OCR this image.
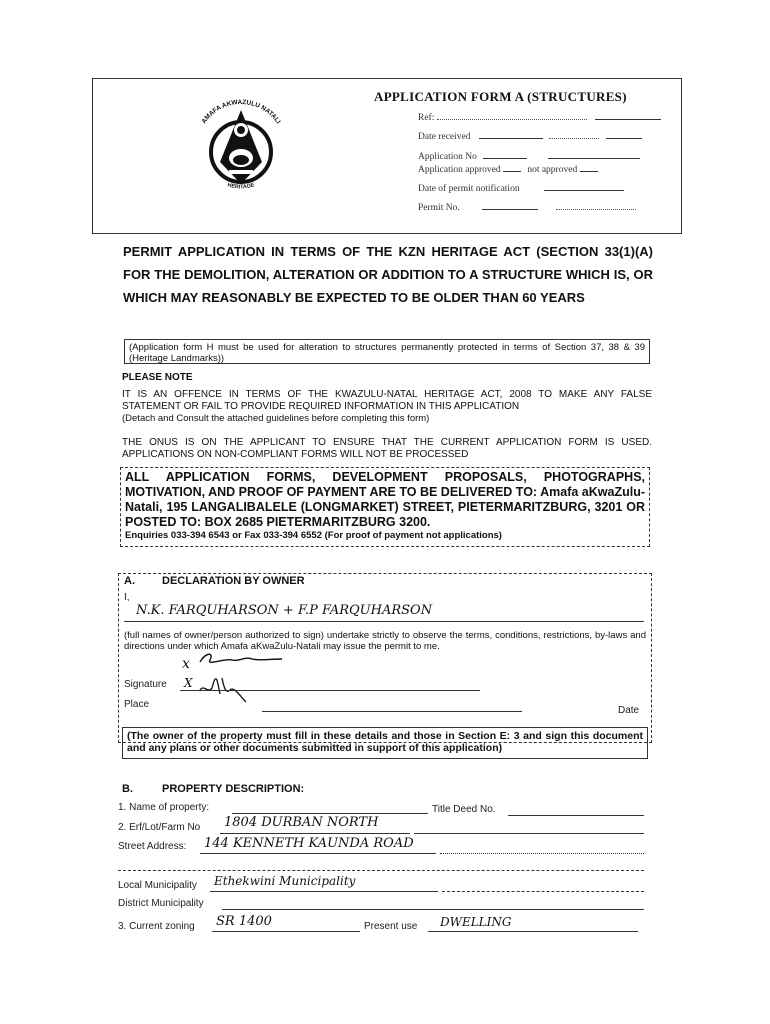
AMAFA AKWAZULU NATALI
HERITAGE
APPLICATION FORM A (STRUCTURES)
Ref:
Date received
Application No
Application approved	not approved
Date of permit notification
Permit No.
PERMIT APPLICATION IN TERMS OF THE KZN HERITAGE ACT (SECTION 33(1)(A) FOR THE DEMOLITION, ALTERATION OR ADDITION TO A STRUCTURE WHICH IS, OR WHICH MAY REASONABLY BE EXPECTED TO BE OLDER THAN 60 YEARS
(Application form H must be used for alteration to structures permanently protected in terms of Section 37, 38 & 39 (Heritage Landmarks))
PLEASE NOTE
IT IS AN OFFENCE IN TERMS OF THE KWAZULU-NATAL HERITAGE ACT, 2008 TO MAKE ANY FALSE STATEMENT OR FAIL TO PROVIDE REQUIRED INFORMATION IN THIS APPLICATION
(Detach and Consult the attached guidelines before completing this form)
THE ONUS IS ON THE APPLICANT TO ENSURE THAT THE CURRENT APPLICATION FORM IS USED. APPLICATIONS ON NON-COMPLIANT FORMS WILL NOT BE PROCESSED
ALL APPLICATION FORMS, DEVELOPMENT PROPOSALS, PHOTOGRAPHS, MOTIVATION, AND PROOF OF PAYMENT ARE TO BE DELIVERED TO: Amafa aKwaZulu-Natali, 195 LANGALIBALELE (LONGMARKET) STREET, PIETERMARITZBURG, 3201 OR POSTED TO: BOX 2685 PIETERMARITZBURG 3200.
Enquiries 033-394 6543 or Fax 033-394 6552 (For proof of payment not applications)
A. DECLARATION BY OWNER
I,
N.K. FARQUHARSON + F.P FARQUHARSON
(full names of owner/person authorized to sign) undertake strictly to observe the terms, conditions, restrictions, by-laws and directions under which Amafa aKwaZulu-Natali may issue the permit to me.
x
Signature X
Place
Date
(The owner of the property must fill in these details and those in Section E: 3 and sign this document and any plans or other documents submitted in support of this application)
B.	PROPERTY DESCRIPTION:
1. Name of property:	Title Deed No.
2. Erf/Lot/Farm No 1804 DURBAN NORTH
Street Address: 144 KENNETH KAUNDA ROAD
Local Municipality Ethekwini Municipality
District Municipality
3. Current zoning SR 1400	Present use DWELLING
